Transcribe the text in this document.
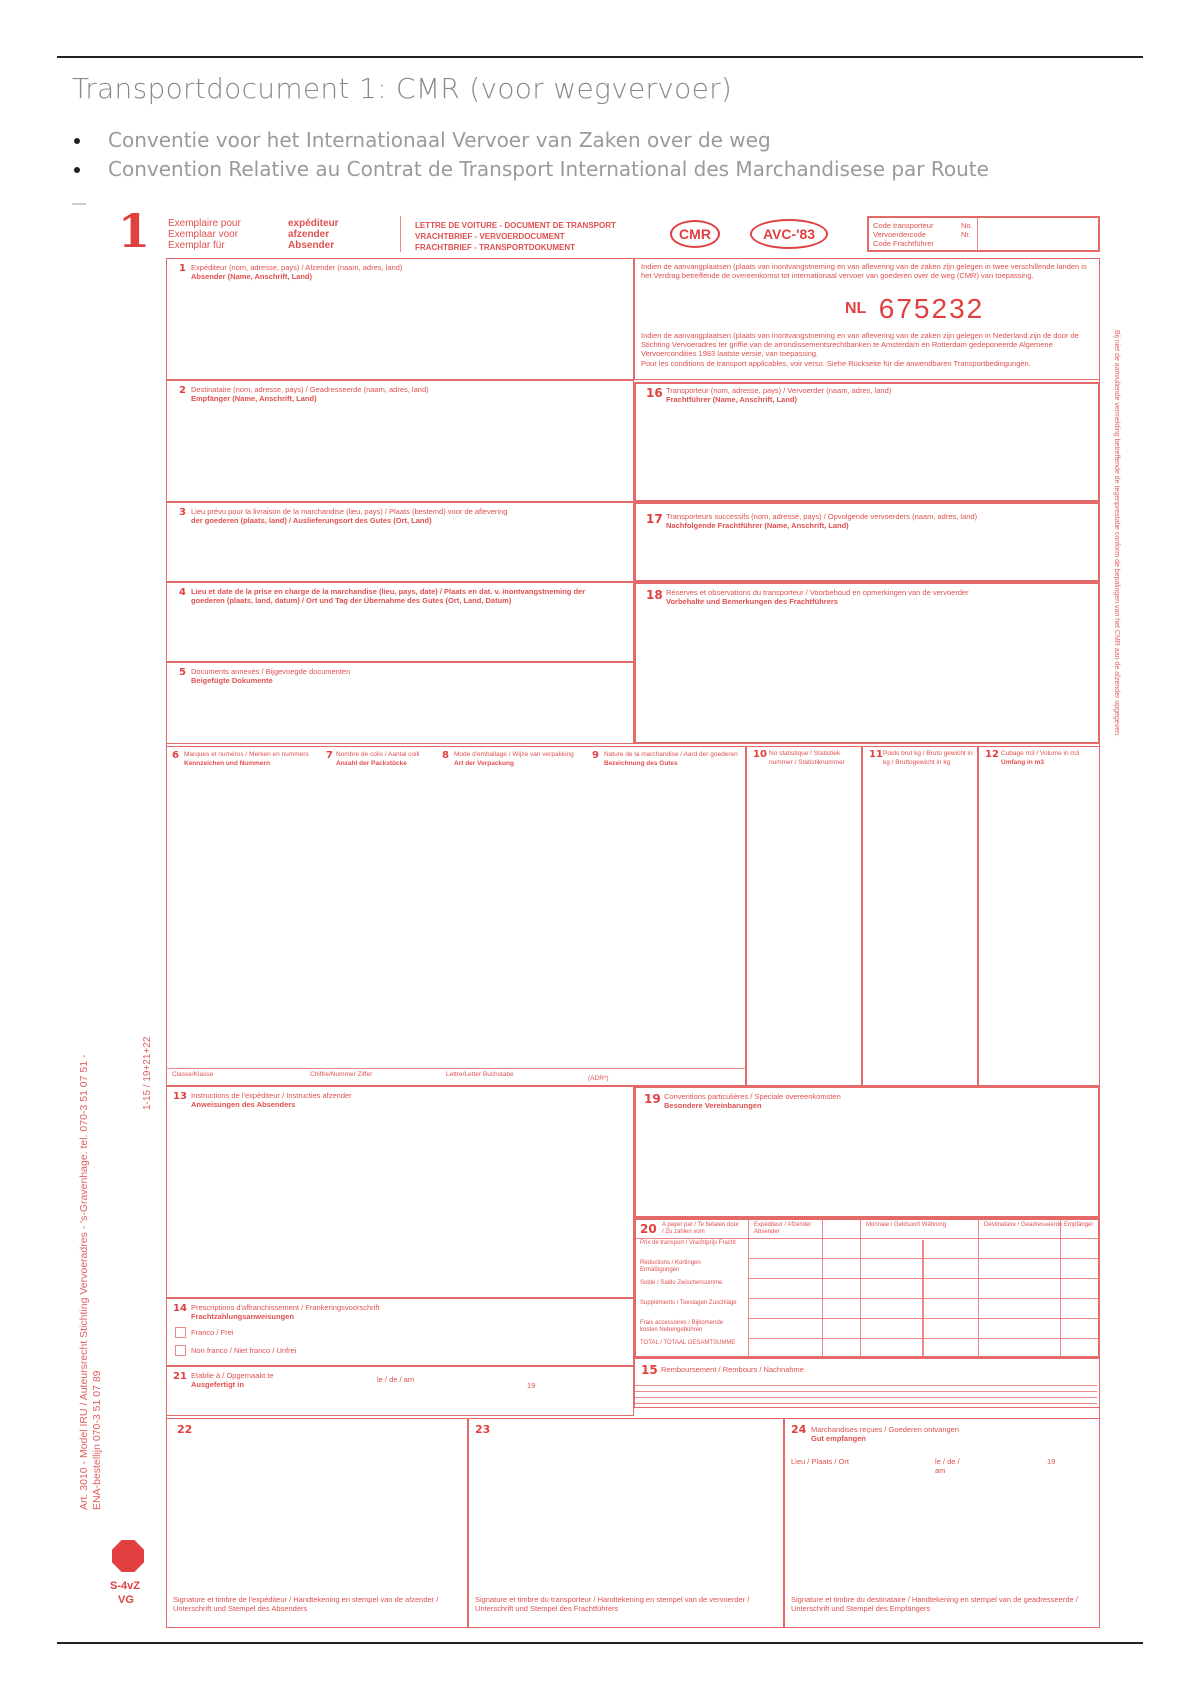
Transportdocument 1: CMR (voor wegvervoer)
Conventie voor het Internationaal Vervoer van Zaken over de weg
Convention Relative au Contrat de Transport International des Marchandisese par Route
1 Exemplaire pour
Exemplaar voor
Exemplar für
expéditeur
afzender
Absender
LETTRE DE VOITURE - DOCUMENT DE TRANSPORT
VRACHTBRIEF - VERVOERDOCUMENT
FRACHTBRIEF - TRANSPORTDOKUMENT
CMR	AVC-'83
Code transporteur
Vervoerdercode
Code Frachtführer
No.
Nr.
1 Expéditeur (nom, adresse, pays) / Afzender (naam, adres, land)
Absender (Name, Anschrift, Land)
Indien de aanvangplaatsen (plaats van inontvangstneming en van aflevering van de zaken zijn gelegen in twee verschillende landen is het Verdrag betreffende de overeenkomst tot internationaal vervoer van goederen over de weg (CMR) van toepassing.
NL 675232
Indien de aanvangplaatsen (plaats van inontvangstneming en van aflevering van de zaken zijn gelegen in Nederland zijn de door de Stichting Vervoeradres ter griffie van de arrondissementsrechtbanken te Amsterdam en Rotterdam gedeponeerde Algemene Vervoercondities 1983 laatste versie, van toepassing.
Pour les conditions de transport applicables, voir verso. Siehe Rückseite für die anwendbaren Transportbedingungen.
2 Destinataire (nom, adresse, pays) / Geadresseerde (naam, adres, land)
Empfänger (Name, Anschrift, Land)	16 Transporteur (nom, adresse, pays) / Vervoerder (naam, adres, land)
Frachtführer (Name, Anschrift, Land)
3 Lieu prévu pour la livraison de la marchandise (lieu, pays) / Plaats (bestemd) voor de aflevering
der goederen (plaats, land) / Auslieferungsort des Gutes (Ort, Land)	17 Transporteurs successifs (nom, adresse, pays) / Opvolgende vervoerders (naam, adres, land)
Nachfolgende Frachtführer (Name, Anschrift, Land)
4 Lieu et date de la prise en charge de la marchandise (lieu, pays, date) / Plaats en dat. v. inontvangstneming der goederen (plaats, land, datum) / Ort und Tag der Übernahme des Gutes (Ort, Land, Datum)	18 Réserves et observations du transporteur / Voorbehoud en opmerkingen van de vervoerder
Vorbehalte und Bemerkungen des Frachtführers
5 Documents annexés / Bijgevoegde documenten
Beigefügte Dokumente
6 Marques et numéros / Merken en nummers
Kennzeichen und Nummern
7 Nombre de colis / Aantal colli
Anzahl der Packstücke
8 Mode d'emballage / Wijze van verpakking
Art der Verpackung
9 Nature de la marchandise / Aard der goederen
Bezeichnung des Gutes
Classe/Klasse	Chiffre/Nummer Ziffer	Lettre/Letter Buchstabe
(ADR*)
10 No statistique / Statistiek nummer / Statistiknummer
11 Poids brut kg / Bruto gewicht in kg / Bruttogewicht in kg
12 Cubage m3 / Volume in m3
Umfang in m3
13 Instructions de l'expéditeur / Instructies afzender
Anweisungen des Absenders	19 Conventions particulières / Speciale overeenkomsten
Besondere Vereinbarungen
20 A payer par / Te betalen door / Zu zahlen vom
Expéditeur / Afzender Absender
Monnaie / Geldsoort Währung	Destinataire / Geadresseerde Empfänger
Prix de transport / Vrachtprijs Fracht
Réductions / Kortingen Ermäßigungen
Solde / Saldo Zwischensumme
Suppléments / Toeslagen Zuschläge
Frais accessoires / Bijkomende kosten Nebengebühren
TOTAL / TOTAAL GESAMTSUMME
14 Prescriptions d'affranchissement / Frankeringsvoorschrift
Frachtzahlungsanweisungen
Franco / Frei
Non franco / Niet franco / Unfrei
15 Remboursement / Rembours / Nachnahme
21 Etablie à / Opgemaakt te
Ausgefertigt in
le / de / am
19
22
Signature et timbre de l'expéditeur / Handtekening en stempel van de afzender / Unterschrift und Stempel des Absenders
23
Signature et timbre du transporteur / Handtekening en stempel van de vervoerder / Unterschrift und Stempel des Frachtführers
24 Marchandises reçues / Goederen ontvangen
Gut empfangen
Lieu / Plaats / Ort	le / de / am
19
Signature et timbre du destinataire / Handtekening en stempel van de geadresseerde / Unterschrift und Stempel des Empfängers
Art. 3010 - Model IRU / Auteursrecht Stichting Vervoeradres - 's-Gravenhage. tel. 070-3 51 07 51 - ENA-bestellijn 070-3 51 07 89
1-15 / 19+21+22
Bij niet de aanvullende vermelding betreffende de tegenprestatie conform de bepalingen van het CMR aan de afzender opgegeven.
S-4vZ
VG
